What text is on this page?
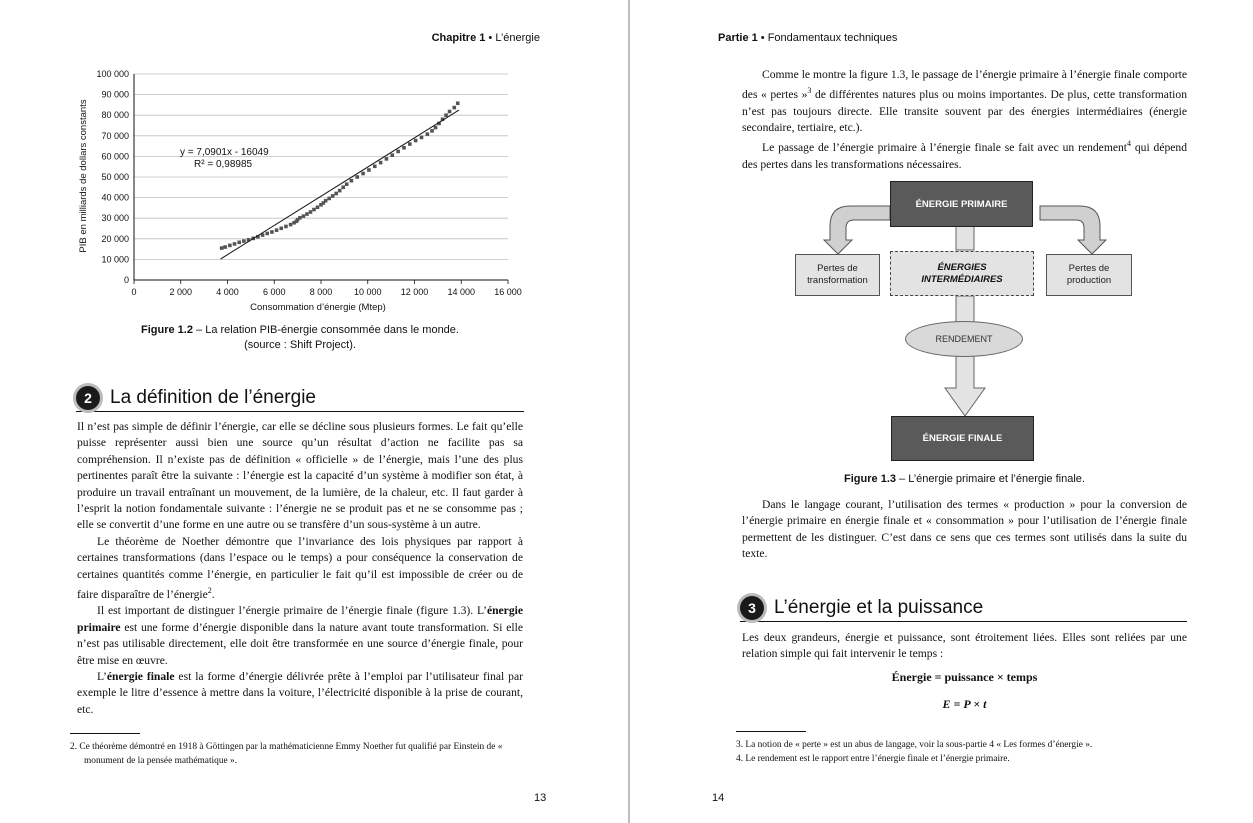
Chapitre 1 • L’énergie
0
10 000
20 000
30 000
40 000
50 000
60 000
70 000
80 000
90 000
100 000
0	2 000	4 000	6 000	8 000 10 000 12 000 14 000 16 000
y = 7,0901x - 16049
R² = 0,98985
Consommation d’énergie (Mtep)
PIB en milliards de dollars constants
Figure 1.2 – La relation PIB-énergie consommée dans le monde.
(source : Shift Project).
2 La définition de l’énergie

Il n’est pas simple de définir l’énergie, car elle se décline sous plusieurs formes. Le fait qu’elle puisse représenter aussi bien une source qu’un résultat d’action ne facilite pas sa compréhension. Il n’existe pas de définition « officielle » de l’énergie, mais l’une des plus pertinentes paraît être la suivante : l’énergie est la capacité d’un système à modifier son état, à produire un travail entraînant un mouvement, de la lumière, de la chaleur, etc. Il faut garder à l’esprit la notion fondamentale suivante : l’énergie ne se produit pas et ne se consomme pas ; elle se convertit d’une forme en une autre ou se transfère d’un sous-système à un autre.

Le théorème de Noether démontre que l’invariance des lois physiques par rapport à certaines transformations (dans l’espace ou le temps) a pour conséquence la conservation de certaines quantités comme l’énergie, en particulier le fait qu’il est impossible de créer ou de faire disparaître de l’énergie$^2$.

Il est important de distinguer l’énergie primaire de l’énergie finale (figure 1.3). L’énergie primaire est une forme d’énergie disponible dans la nature avant toute transformation. Si elle n’est pas utilisable directement, elle doit être transformée en une source d’énergie finale, pour être mise en œuvre.

L’énergie finale est la forme d’énergie délivrée prête à l’emploi par l’utilisateur final par exemple le litre d’essence à mettre dans la voiture, l’électricité disponible à la prise de courant, etc.

2. Ce théorème démontré en 1918 à Göttingen par la mathématicienne Emmy Noether fut qualifié par Einstein de « monument de la pensée mathématique ».

13
Partie 1 • Fondamentaux techniques

Comme le montre la figure 1.3, le passage de l’énergie primaire à l’énergie finale comporte des « pertes »$^3$ de différentes natures plus ou moins importantes. De plus, cette transformation n’est pas toujours directe. Elle transite souvent par des énergies intermédiaires (énergie secondaire, tertiaire, etc.).

Le passage de l’énergie primaire à l’énergie finale se fait avec un rendement$^4$ qui dépend des pertes dans les transformations nécessaires.

ÉNERGIE PRIMAIRE
Pertes de
transformation
ÉNERGIES
INTERMÉDIAIRES
Pertes de
production
RENDEMENT
ÉNERGIE FINALE
Figure 1.3 – L’énergie primaire et l’énergie finale.

Dans le langage courant, l’utilisation des termes « production » pour la conversion de l’énergie primaire en énergie finale et « consommation » pour l’utilisation de l’énergie finale permettent de les distinguer. C’est dans ce sens que ces termes sont utilisés dans la suite du texte.

3 L’énergie et la puissance

Les deux grandeurs, énergie et puissance, sont étroitement liées. Elles sont reliées par une relation simple qui fait intervenir le temps :

Énergie = puissance × temps
E = P × t

3. La notion de « perte » est un abus de langage, voir la sous-partie 4 « Les formes d’énergie ».

4. Le rendement est le rapport entre l’énergie finale et l’énergie primaire.

14
